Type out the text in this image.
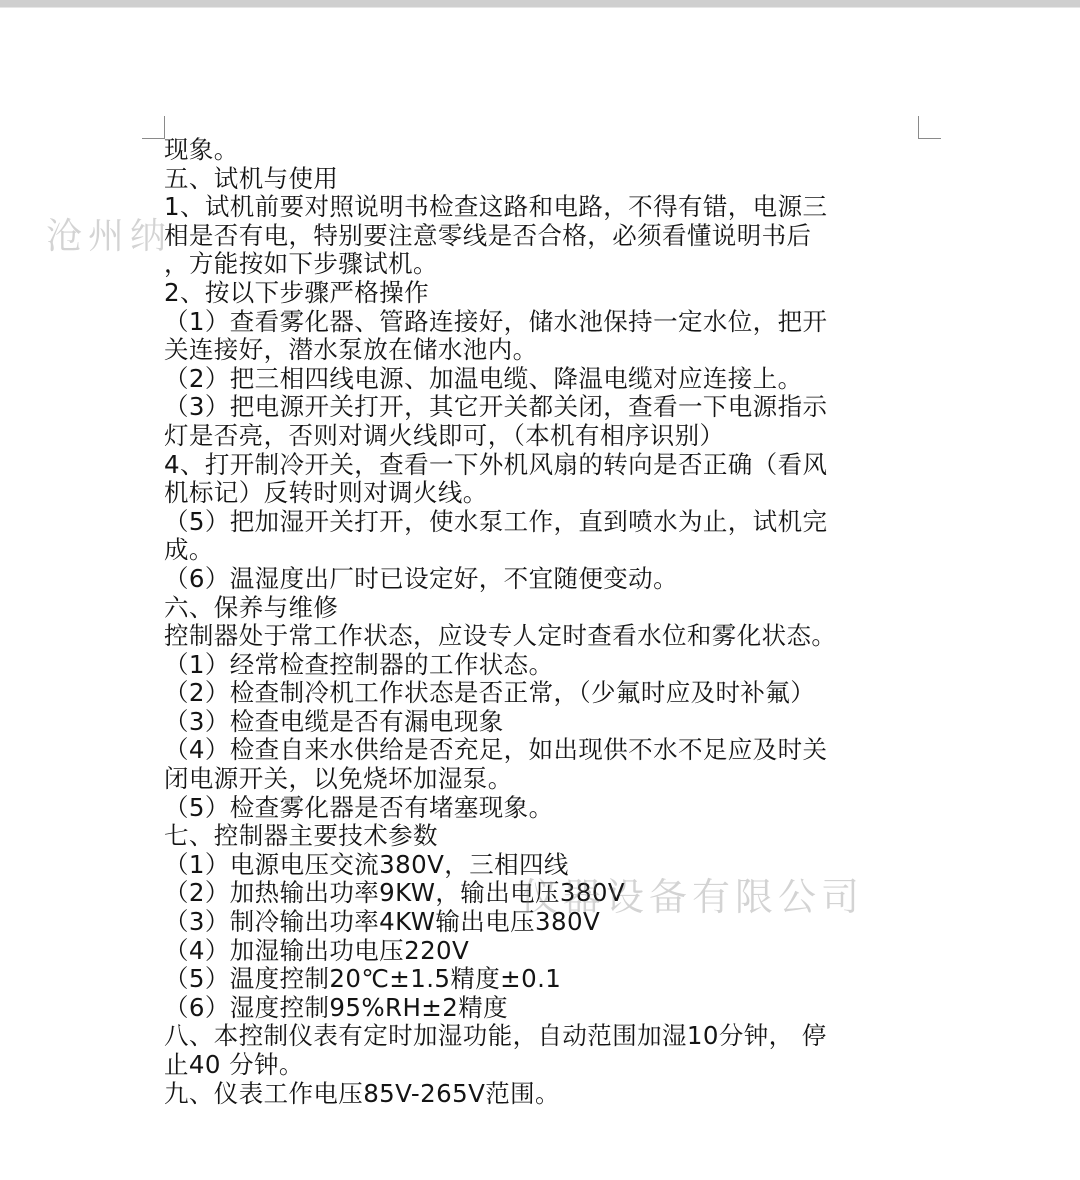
现象。
五、试机与使用
1、试机前要对照说明书检查这路和电路，不得有错，电源三
相是否有电，特别要注意零线是否合格，必须看懂说明书后
，方能按如下步骤试机。
2、按以下步骤严格操作
（1）查看雾化器、管路连接好，储水池保持一定水位，把开
关连接好，潜水泵放在储水池内。
（2）把三相四线电源、加温电缆、降温电缆对应连接上。
（3）把电源开关打开，其它开关都关闭，查看一下电源指示
灯是否亮，否则对调火线即可，（本机有相序识别）
4、打开制冷开关，查看一下外机风扇的转向是否正确（看风
机标记）反转时则对调火线。
（5）把加湿开关打开，使水泵工作，直到喷水为止，试机完
成。
（6）温湿度出厂时已设定好，不宜随便变动。
六、保养与维修
控制器处于常工作状态，应设专人定时查看水位和雾化状态。
（1）经常检查控制器的工作状态。
（2）检查制冷机工作状态是否正常，（少氟时应及时补氟）
（3）检查电缆是否有漏电现象
（4）检查自来水供给是否充足，如出现供不水不足应及时关
闭电源开关，以免烧坏加湿泵。
（5）检查雾化器是否有堵塞现象。
七、控制器主要技术参数
（1）电源电压交流380V，三相四线
（2）加热输出功率9KW，输出电压380V
（3）制冷输出功率4KW输出电压380V
（4）加湿输出功电压220V
（5）温度控制20℃±1.5精度±0.1
（6）湿度控制95%RH±2精度
八、本控制仪表有定时加湿功能，自动范围加湿10分钟， 停
止40 分钟。
九、仪表工作电压85V-265V范围。
沧州纳
仪器设备有限公司
